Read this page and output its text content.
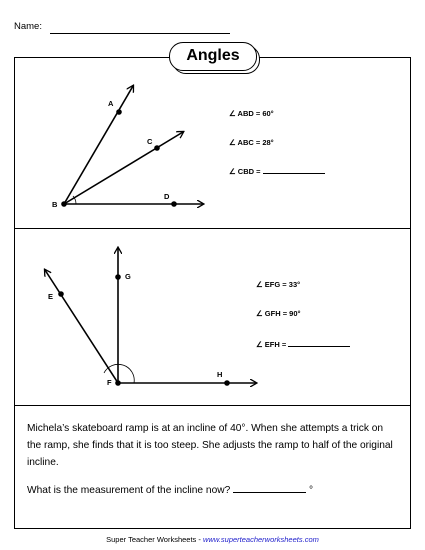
Name:
Angles
A
B
C
D
E
F
G
H
∠ ABD = 60°
∠ ABC = 28°
∠ CBD =
∠ EFG = 33°
∠ GFH = 90°
∠ EFH =
Michela’s skateboard ramp is at an incline of 40°. When she attempts a trick on the ramp, she finds that it is too steep. She adjusts the ramp to half of the original incline.
What is the measurement of the incline now?	°
Super Teacher Worksheets - www.superteacherworksheets.com
